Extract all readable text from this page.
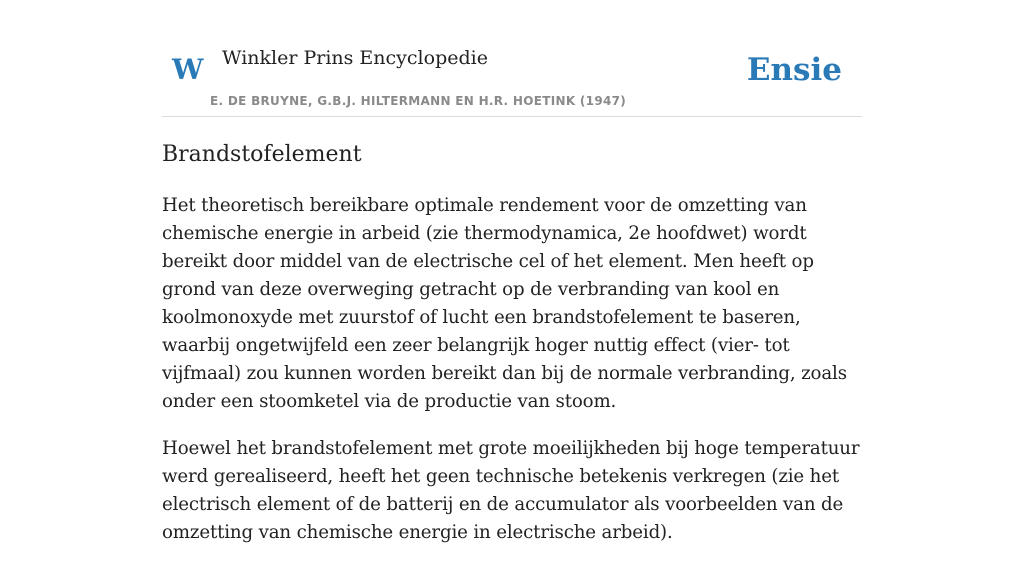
W Winkler Prins Encyclopedie
E. DE BRUYNE, G.B.J. HILTERMANN EN H.R. HOETINK (1947)
Ensie
Brandstofelement

Het theoretisch bereikbare optimale rendement voor de omzetting van chemische energie in arbeid (zie thermodynamica, 2e hoofdwet) wordt bereikt door middel van de electrische cel of het element. Men heeft op grond van deze overweging getracht op de verbranding van kool en koolmonoxyde met zuurstof of lucht een brandstofelement te baseren, waarbij ongetwijfeld een zeer belangrijk hoger nuttig effect (vier- tot vijfmaal) zou kunnen worden bereikt dan bij de normale verbranding, zoals onder een stoomketel via de productie van stoom.

Hoewel het brandstofelement met grote moeilijkheden bij hoge temperatuur werd gerealiseerd, heeft het geen technische betekenis verkregen (zie het electrisch element of de batterij en de accumulator als voorbeelden van de omzetting van chemische energie in electrische arbeid).
